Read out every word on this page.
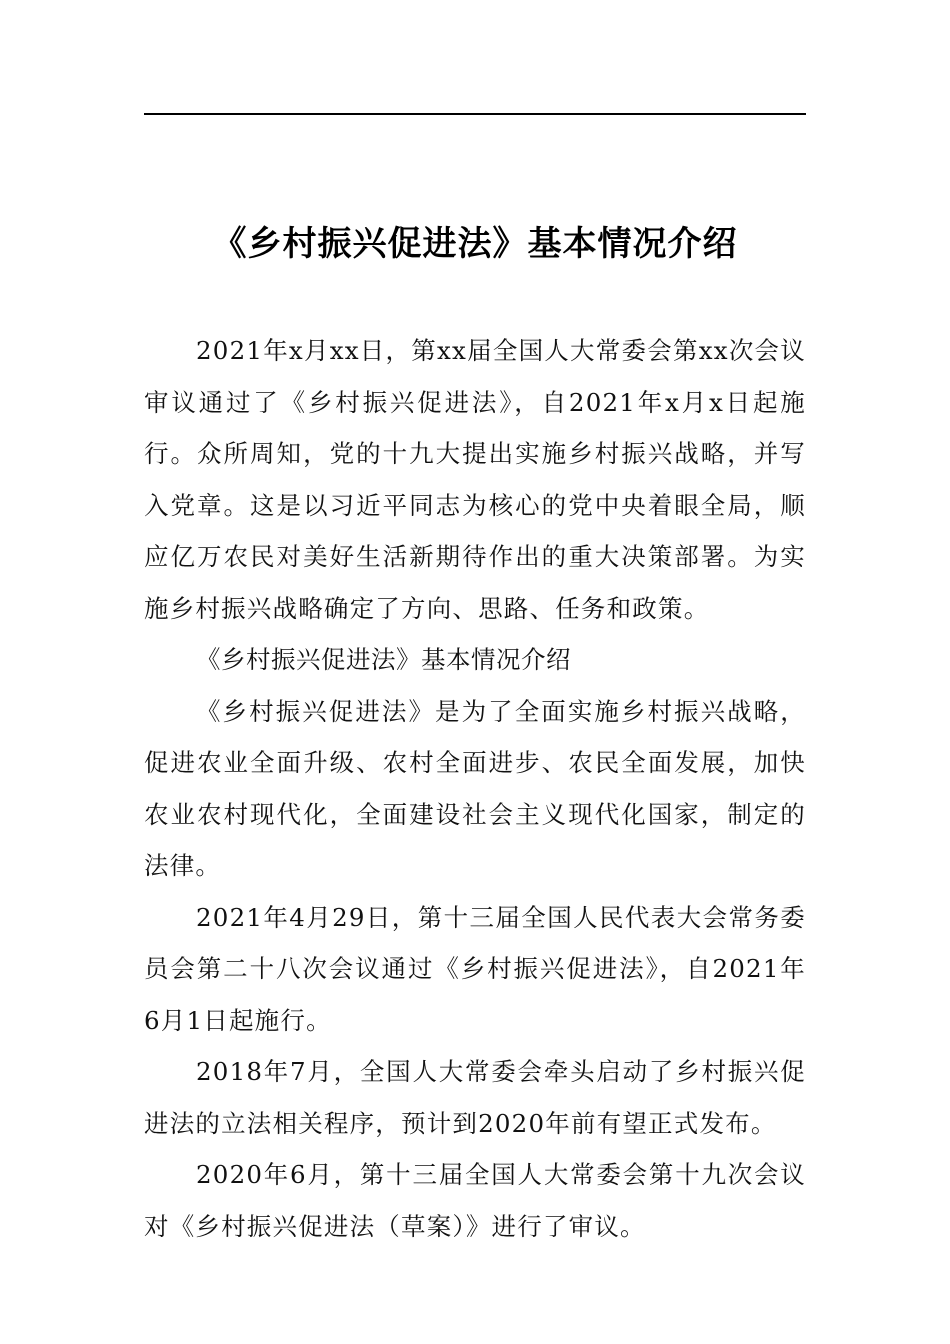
《乡村振兴促进法》基本情况介绍

2021年x月xx日，第xx届全国人大常委会第xx次会议审议通过了《乡村振兴促进法》，自2021年x月x日起施行。众所周知，党的十九大提出实施乡村振兴战略，并写入党章。这是以习近平同志为核心的党中央着眼全局，顺应亿万农民对美好生活新期待作出的重大决策部署。为实施乡村振兴战略确定了方向、思路、任务和政策。

《乡村振兴促进法》基本情况介绍

《乡村振兴促进法》是为了全面实施乡村振兴战略，促进农业全面升级、农村全面进步、农民全面发展，加快农业农村现代化，全面建设社会主义现代化国家，制定的法律。

2021年4月29日，第十三届全国人民代表大会常务委员会第二十八次会议通过《乡村振兴促进法》，自2021年6月1日起施行。

2018年7月，全国人大常委会牵头启动了乡村振兴促进法的立法相关程序，预计到2020年前有望正式发布。

2020年6月，第十三届全国人大常委会第十九次会议对《乡村振兴促进法（草案）》进行了审议。
